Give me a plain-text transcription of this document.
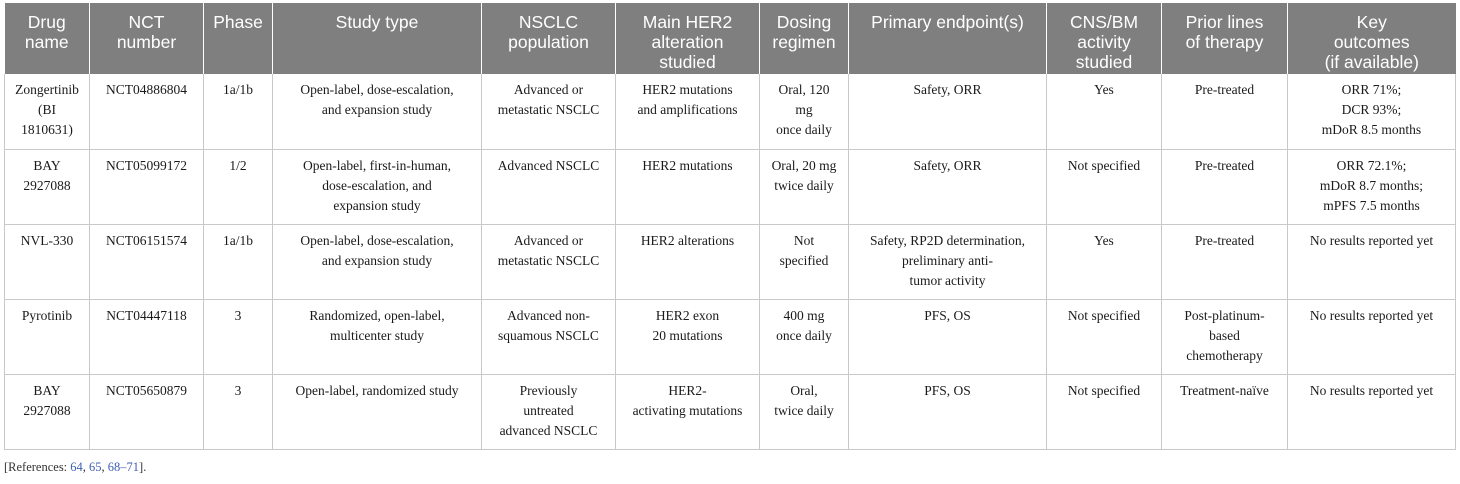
Drug
name	NCT
number	Phase	Study type	NSCLC
population	Main HER2
alteration
studied	Dosing
regimen	Primary endpoint(s)	CNS/BM
activity
studied	Prior lines
of therapy	Key
outcomes
(if available)

Zongertinib
(BI
1810631)	NCT04886804	1a/1b	Open-label, dose-escalation,
and expansion study	Advanced or
metastatic NSCLC	HER2 mutations
and amplifications	Oral, 120
mg
once daily	Safety, ORR	Yes	Pre-treated	ORR 71%;
DCR 93%;
mDoR 8.5 months

BAY
2927088	NCT05099172	1/2	Open-label, first-in-human,
dose-escalation, and
expansion study	Advanced NSCLC	HER2 mutations	Oral, 20 mg
twice daily	Safety, ORR	Not specified	Pre-treated	ORR 72.1%;
mDoR 8.7 months;
mPFS 7.5 months

NVL-330	NCT06151574	1a/1b	Open-label, dose-escalation,
and expansion study	Advanced or
metastatic NSCLC	HER2 alterations	Not
specified	Safety, RP2D determination,
preliminary anti-
tumor activity	Yes	Pre-treated	No results reported yet

Pyrotinib	NCT04447118	3	Randomized, open-label,
multicenter study	Advanced non-
squamous NSCLC	HER2 exon
20 mutations	400 mg
once daily	PFS, OS	Not specified	Post-platinum-
based
chemotherapy	No results reported yet

BAY
2927088	NCT05650879	3	Open-label, randomized study	Previously
untreated
advanced NSCLC	HER2-
activating mutations	Oral,
twice daily	PFS, OS	Not specified	Treatment-naïve	No results reported yet
[References: 64, 65, 68–71].
